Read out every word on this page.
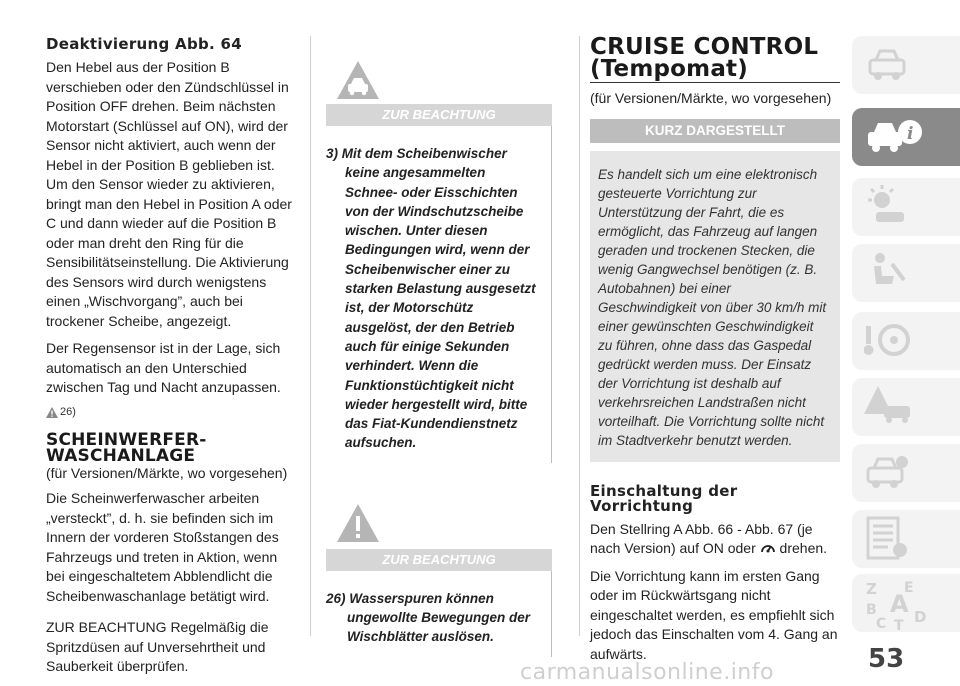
Deaktivierung Abb. 64

Den Hebel aus der Position B verschieben oder den Zündschlüssel in Position OFF drehen. Beim nächsten Motorstart (Schlüssel auf ON), wird der Sensor nicht aktiviert, auch wenn der Hebel in der Position B geblieben ist. Um den Sensor wieder zu aktivieren, bringt man den Hebel in Position A oder C und dann wieder auf die Position B oder man dreht den Ring für die Sensibilitätseinstellung. Die Aktivierung des Sensors wird durch wenigstens einen „Wischvorgang”, auch bei trockener Scheibe, angezeigt.

Der Regensensor ist in der Lage, sich automatisch an den Unterschied zwischen Tag und Nacht anzupassen.

26)
SCHEINWERFER-
WASCHANLAGE

(für Versionen/Märkte, wo vorgesehen)

Die Scheinwerferwascher arbeiten „versteckt”, d. h. sie befinden sich im Innern der vorderen Stoßstangen des Fahrzeugs und treten in Aktion, wenn bei eingeschaltetem Abblendlicht die Scheibenwaschanlage betätigt wird.

ZUR BEACHTUNG Regelmäßig die Spritzdüsen auf Unversehrtheit und Sauberkeit überprüfen.

ZUR BEACHTUNG
3) Mit dem Scheibenwischer keine angesammelten Schnee- oder Eisschichten von der Windschutzscheibe wischen. Unter diesen Bedingungen wird, wenn der Scheibenwischer einer zu starken Belastung ausgesetzt ist, der Motorschütz ausgelöst, der den Betrieb auch für einige Sekunden verhindert. Wenn die Funktionstüchtigkeit nicht wieder hergestellt wird, bitte das Fiat-Kundendienstnetz aufsuchen.
ZUR BEACHTUNG
26) Wasserspuren können ungewollte Bewegungen der Wischblätter auslösen.
CRUISE CONTROL
(Tempomat)

(für Versionen/Märkte, wo vorgesehen)

KURZ DARGESTELLT
Es handelt sich um eine elektronisch gesteuerte Vorrichtung zur Unterstützung der Fahrt, die es ermöglicht, das Fahrzeug auf langen geraden und trockenen Stecken, die wenig Gangwechsel benötigen (z. B. Autobahnen) bei einer Geschwindigkeit von über 30 km/h mit einer gewünschten Geschwindigkeit zu führen, ohne dass das Gaspedal gedrückt werden muss. Der Einsatz der Vorrichtung ist deshalb auf verkehrsreichen Landstraßen nicht vorteilhaft. Die Vorrichtung sollte nicht im Stadtverkehr benutzt werden.
Einschaltung der
Vorrichtung

Den Stellring A Abb. 66 - Abb. 67 (je nach Version) auf ON oder drehen.

Die Vorrichtung kann im ersten Gang oder im Rückwärtsgang nicht eingeschaltet werden, es empfiehlt sich jedoch das Einschalten vom 4. Gang an aufwärts.

i
Z E
B A D
C T
53
carmanualsonline.info
